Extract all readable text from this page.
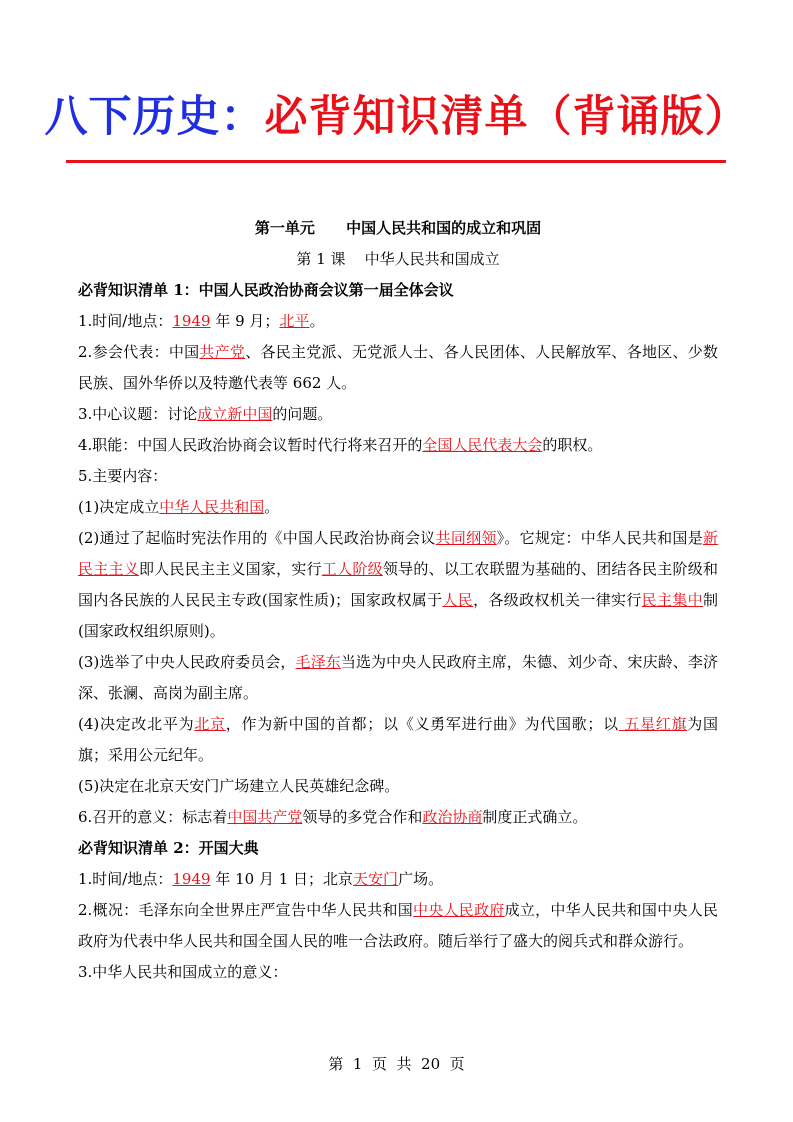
八下历史：必背知识清单（背诵版）
第一单元      中国人民共和国的成立和巩固
第 1 课    中华人民共和国成立
必背知识清单 1：中国人民政治协商会议第一届全体会议
1.时间/地点：1949 年 9 月；北平。
2.参会代表：中国共产党、各民主党派、无党派人士、各人民团体、人民解放军、各地区、少数民族、国外华侨以及特邀代表等 662 人。
3.中心议题：讨论成立新中国的问题。
4.职能：中国人民政治协商会议暂时代行将来召开的全国人民代表大会的职权。
5.主要内容：
(1)决定成立中华人民共和国。
(2)通过了起临时宪法作用的《中国人民政治协商会议共同纲领》。它规定：中华人民共和国是新民主主义即人民民主主义国家，实行工人阶级领导的、以工农联盟为基础的、团结各民主阶级和国内各民族的人民民主专政(国家性质)；国家政权属于人民，各级政权机关一律实行民主集中制(国家政权组织原则)。
(3)选举了中央人民政府委员会，毛泽东当选为中央人民政府主席，朱德、刘少奇、宋庆龄、李济深、张澜、高岗为副主席。
(4)决定改北平为北京，作为新中国的首都；以《义勇军进行曲》为代国歌；以 五星红旗为国旗；采用公元纪年。
(5)决定在北京天安门广场建立人民英雄纪念碑。
6.召开的意义：标志着中国共产党领导的多党合作和政治协商制度正式确立。
必背知识清单 2：开国大典
1.时间/地点：1949 年 10 月 1 日；北京天安门广场。
2.概况：毛泽东向全世界庄严宣告中华人民共和国中央人民政府成立，中华人民共和国中央人民政府为代表中华人民共和国全国人民的唯一合法政府。随后举行了盛大的阅兵式和群众游行。
3.中华人民共和国成立的意义：
第  1  页  共  20  页
